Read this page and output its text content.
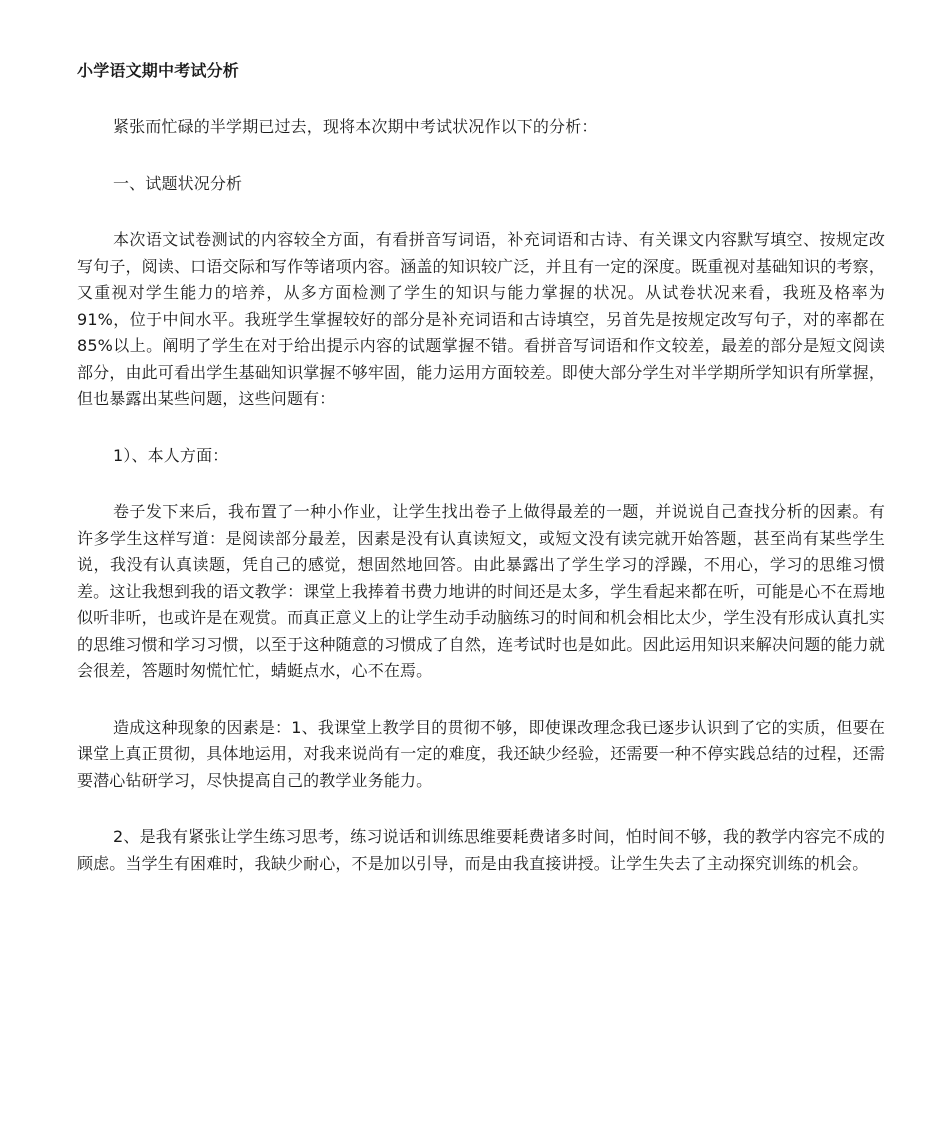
小学语文期中考试分析

紧张而忙碌的半学期已过去，现将本次期中考试状况作以下的分析：

一、试题状况分析

本次语文试卷测试的内容较全方面，有看拼音写词语，补充词语和古诗、有关课文内容默写填空、按规定改写句子，阅读、口语交际和写作等诸项内容。涵盖的知识较广泛，并且有一定的深度。既重视对基础知识的考察，又重视对学生能力的培养，从多方面检测了学生的知识与能力掌握的状况。从试卷状况来看，我班及格率为 91%，位于中间水平。我班学生掌握较好的部分是补充词语和古诗填空，另首先是按规定改写句子，对的率都在 85%以上。阐明了学生在对于给出提示内容的试题掌握不错。看拼音写词语和作文较差，最差的部分是短文阅读部分，由此可看出学生基础知识掌握不够牢固，能力运用方面较差。即使大部分学生对半学期所学知识有所掌握，但也暴露出某些问题，这些问题有：

1）、本人方面：

卷子发下来后，我布置了一种小作业，让学生找出卷子上做得最差的一题，并说说自己查找分析的因素。有许多学生这样写道：是阅读部分最差，因素是没有认真读短文，或短文没有读完就开始答题，甚至尚有某些学生说，我没有认真读题，凭自己的感觉，想固然地回答。由此暴露出了学生学习的浮躁，不用心，学习的思维习惯差。这让我想到我的语文教学：课堂上我捧着书费力地讲的时间还是太多，学生看起来都在听，可能是心不在焉地似听非听，也或许是在观赏。而真正意义上的让学生动手动脑练习的时间和机会相比太少，学生没有形成认真扎实的思维习惯和学习习惯，以至于这种随意的习惯成了自然，连考试时也是如此。因此运用知识来解决问题的能力就会很差，答题时匆慌忙忙，蜻蜓点水，心不在焉。

造成这种现象的因素是：1、我课堂上教学目的贯彻不够，即使课改理念我已逐步认识到了它的实质，但要在课堂上真正贯彻，具体地运用，对我来说尚有一定的难度，我还缺少经验，还需要一种不停实践总结的过程，还需要潜心钻研学习，尽快提高自己的教学业务能力。

2、是我有紧张让学生练习思考，练习说话和训练思维要耗费诸多时间，怕时间不够，我的教学内容完不成的顾虑。当学生有困难时，我缺少耐心，不是加以引导，而是由我直接讲授。让学生失去了主动探究训练的机会。
